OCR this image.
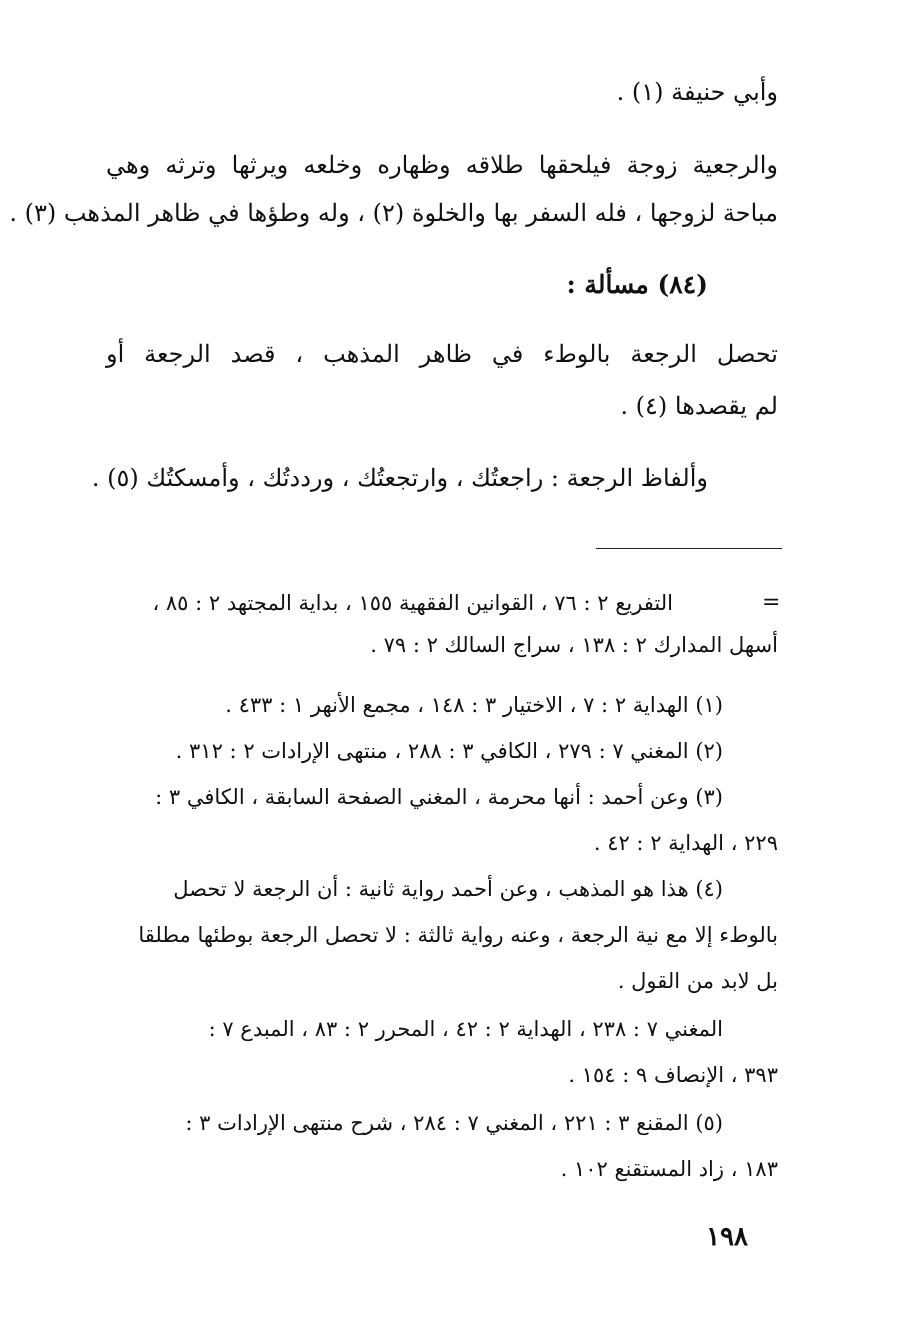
وأبي حنيفة (١) .

والرجعية زوجة فيلحقها طلاقه وظهاره وخلعه ويرثها وترثه وهي

مباحة لزوجها ، فله السفر بها والخلوة (٢) ، وله وطؤها في ظاهر المذهب (٣) .

(٨٤) مسألة :

تحصل الرجعة بالوطء في ظاهر المذهب ، قصد الرجعة أو

لم يقصدها (٤) .

وألفاظ الرجعة : راجعتُك ، وارتجعتُك ، ورددتُك ، وأمسكتُك (٥) .

=

التفريع ٢ : ٧٦ ، القوانين الفقهية ١٥٥ ، بداية المجتهد ٢ : ٨٥ ،

أسهل المدارك ٢ : ١٣٨ ، سراج السالك ٢ : ٧٩ .

(١) الهداية ٢ : ٧ ، الاختيار ٣ : ١٤٨ ، مجمع الأنهر ١ : ٤٣٣ .

(٢) المغني ٧ : ٢٧٩ ، الكافي ٣ : ٢٨٨ ، منتهى الإرادات ٢ : ٣١٢ .

(٣) وعن أحمد : أنها محرمة ، المغني الصفحة السابقة ، الكافي ٣ :

٢٢٩ ، الهداية ٢ : ٤٢ .

(٤) هذا هو المذهب ، وعن أحمد رواية ثانية : أن الرجعة لا تحصل

بالوطء إلا مع نية الرجعة ، وعنه رواية ثالثة : لا تحصل الرجعة بوطئها مطلقا

بل لابد من القول .

المغني ٧ : ٢٣٨ ، الهداية ٢ : ٤٢ ، المحرر ٢ : ٨٣ ، المبدع ٧ :

٣٩٣ ، الإنصاف ٩ : ١٥٤ .

(٥) المقنع ٣ : ٢٢١ ، المغني ٧ : ٢٨٤ ، شرح منتهى الإرادات ٣ :

١٨٣ ، زاد المستقنع ١٠٢ .

١٩٨
